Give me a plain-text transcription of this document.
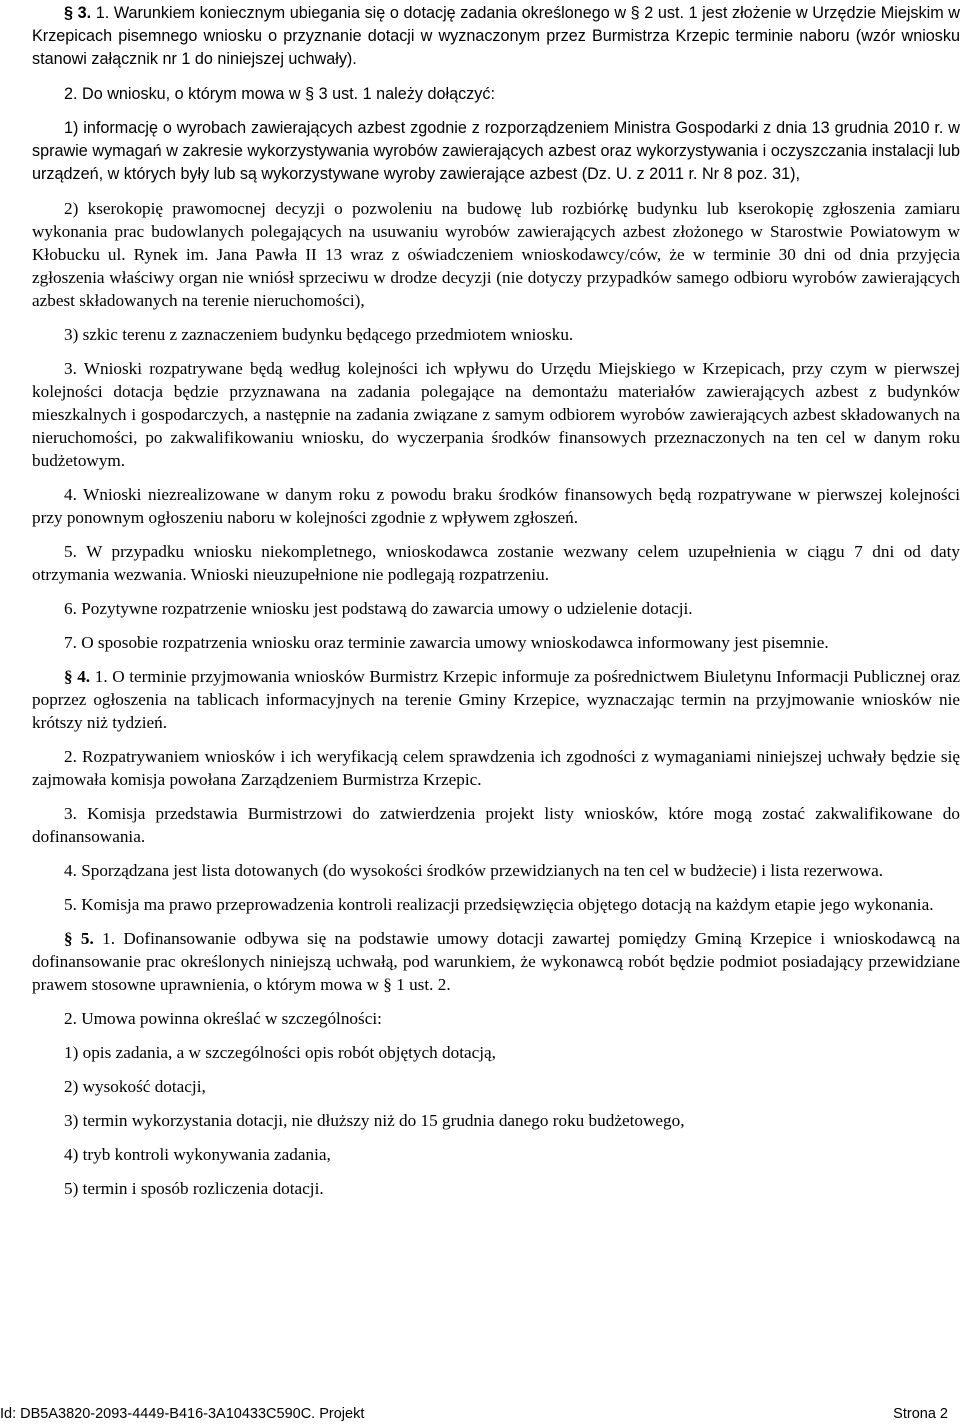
§ 3. 1. Warunkiem koniecznym ubiegania się o dotację zadania określonego w § 2 ust. 1 jest złożenie w Urzędzie Miejskim w Krzepicach pisemnego wniosku o przyznanie dotacji w wyznaczonym przez Burmistrza Krzepic terminie naboru (wzór wniosku stanowi załącznik nr 1 do niniejszej uchwały).

2. Do wniosku, o którym mowa w § 3 ust. 1 należy dołączyć:

1) informację o wyrobach zawierających azbest zgodnie z rozporządzeniem Ministra Gospodarki z dnia 13 grudnia 2010 r. w sprawie wymagań w zakresie wykorzystywania wyrobów zawierających azbest oraz wykorzystywania i oczyszczania instalacji lub urządzeń, w których były lub są wykorzystywane wyroby zawierające azbest (Dz. U. z 2011 r. Nr 8 poz. 31),

2) kserokopię prawomocnej decyzji o pozwoleniu na budowę lub rozbiórkę budynku lub kserokopię zgłoszenia zamiaru wykonania prac budowlanych polegających na usuwaniu wyrobów zawierających azbest złożonego w Starostwie Powiatowym w Kłobucku ul. Rynek im. Jana Pawła II 13 wraz z oświadczeniem wnioskodawcy/ców, że w terminie 30 dni od dnia przyjęcia zgłoszenia właściwy organ nie wniósł sprzeciwu w drodze decyzji (nie dotyczy przypadków samego odbioru wyrobów zawierających azbest składowanych na terenie nieruchomości),

3) szkic terenu z zaznaczeniem budynku będącego przedmiotem wniosku.

3. Wnioski rozpatrywane będą według kolejności ich wpływu do Urzędu Miejskiego w Krzepicach, przy czym w pierwszej kolejności dotacja będzie przyznawana na zadania polegające na demontażu materiałów zawierających azbest z budynków mieszkalnych i gospodarczych, a następnie na zadania związane z samym odbiorem wyrobów zawierających azbest składowanych na nieruchomości, po zakwalifikowaniu wniosku, do wyczerpania środków finansowych przeznaczonych na ten cel w danym roku budżetowym.

4. Wnioski niezrealizowane w danym roku z powodu braku środków finansowych będą rozpatrywane w pierwszej kolejności przy ponownym ogłoszeniu naboru w kolejności zgodnie z wpływem zgłoszeń.

5. W przypadku wniosku niekompletnego, wnioskodawca zostanie wezwany celem uzupełnienia w ciągu 7 dni od daty otrzymania wezwania. Wnioski nieuzupełnione nie podlegają rozpatrzeniu.

6. Pozytywne rozpatrzenie wniosku jest podstawą do zawarcia umowy o udzielenie dotacji.

7. O sposobie rozpatrzenia wniosku oraz terminie zawarcia umowy wnioskodawca informowany jest pisemnie.

§ 4. 1. O terminie przyjmowania wniosków Burmistrz Krzepic informuje za pośrednictwem Biuletynu Informacji Publicznej oraz poprzez ogłoszenia na tablicach informacyjnych na terenie Gminy Krzepice, wyznaczając termin na przyjmowanie wniosków nie krótszy niż tydzień.

2. Rozpatrywaniem wniosków i ich weryfikacją celem sprawdzenia ich zgodności z wymaganiami niniejszej uchwały będzie się zajmowała komisja powołana Zarządzeniem Burmistrza Krzepic.

3. Komisja przedstawia Burmistrzowi do zatwierdzenia projekt listy wniosków, które mogą zostać zakwalifikowane do dofinansowania.

4. Sporządzana jest lista dotowanych (do wysokości środków przewidzianych na ten cel w budżecie) i lista rezerwowa.

5. Komisja ma prawo przeprowadzenia kontroli realizacji przedsięwzięcia objętego dotacją na każdym etapie jego wykonania.

§ 5. 1. Dofinansowanie odbywa się na podstawie umowy dotacji zawartej pomiędzy Gminą Krzepice i wnioskodawcą na dofinansowanie prac określonych niniejszą uchwałą, pod warunkiem, że wykonawcą robót będzie podmiot posiadający przewidziane prawem stosowne uprawnienia, o którym mowa w § 1 ust. 2.

2. Umowa powinna określać w szczególności:

1) opis zadania, a w szczególności opis robót objętych dotacją,

2) wysokość dotacji,

3) termin wykorzystania dotacji, nie dłuższy niż do 15 grudnia danego roku budżetowego,

4) tryb kontroli wykonywania zadania,

5) termin i sposób rozliczenia dotacji.

Id: DB5A3820-2093-4449-B416-3A10433C590C. Projekt	Strona 2
